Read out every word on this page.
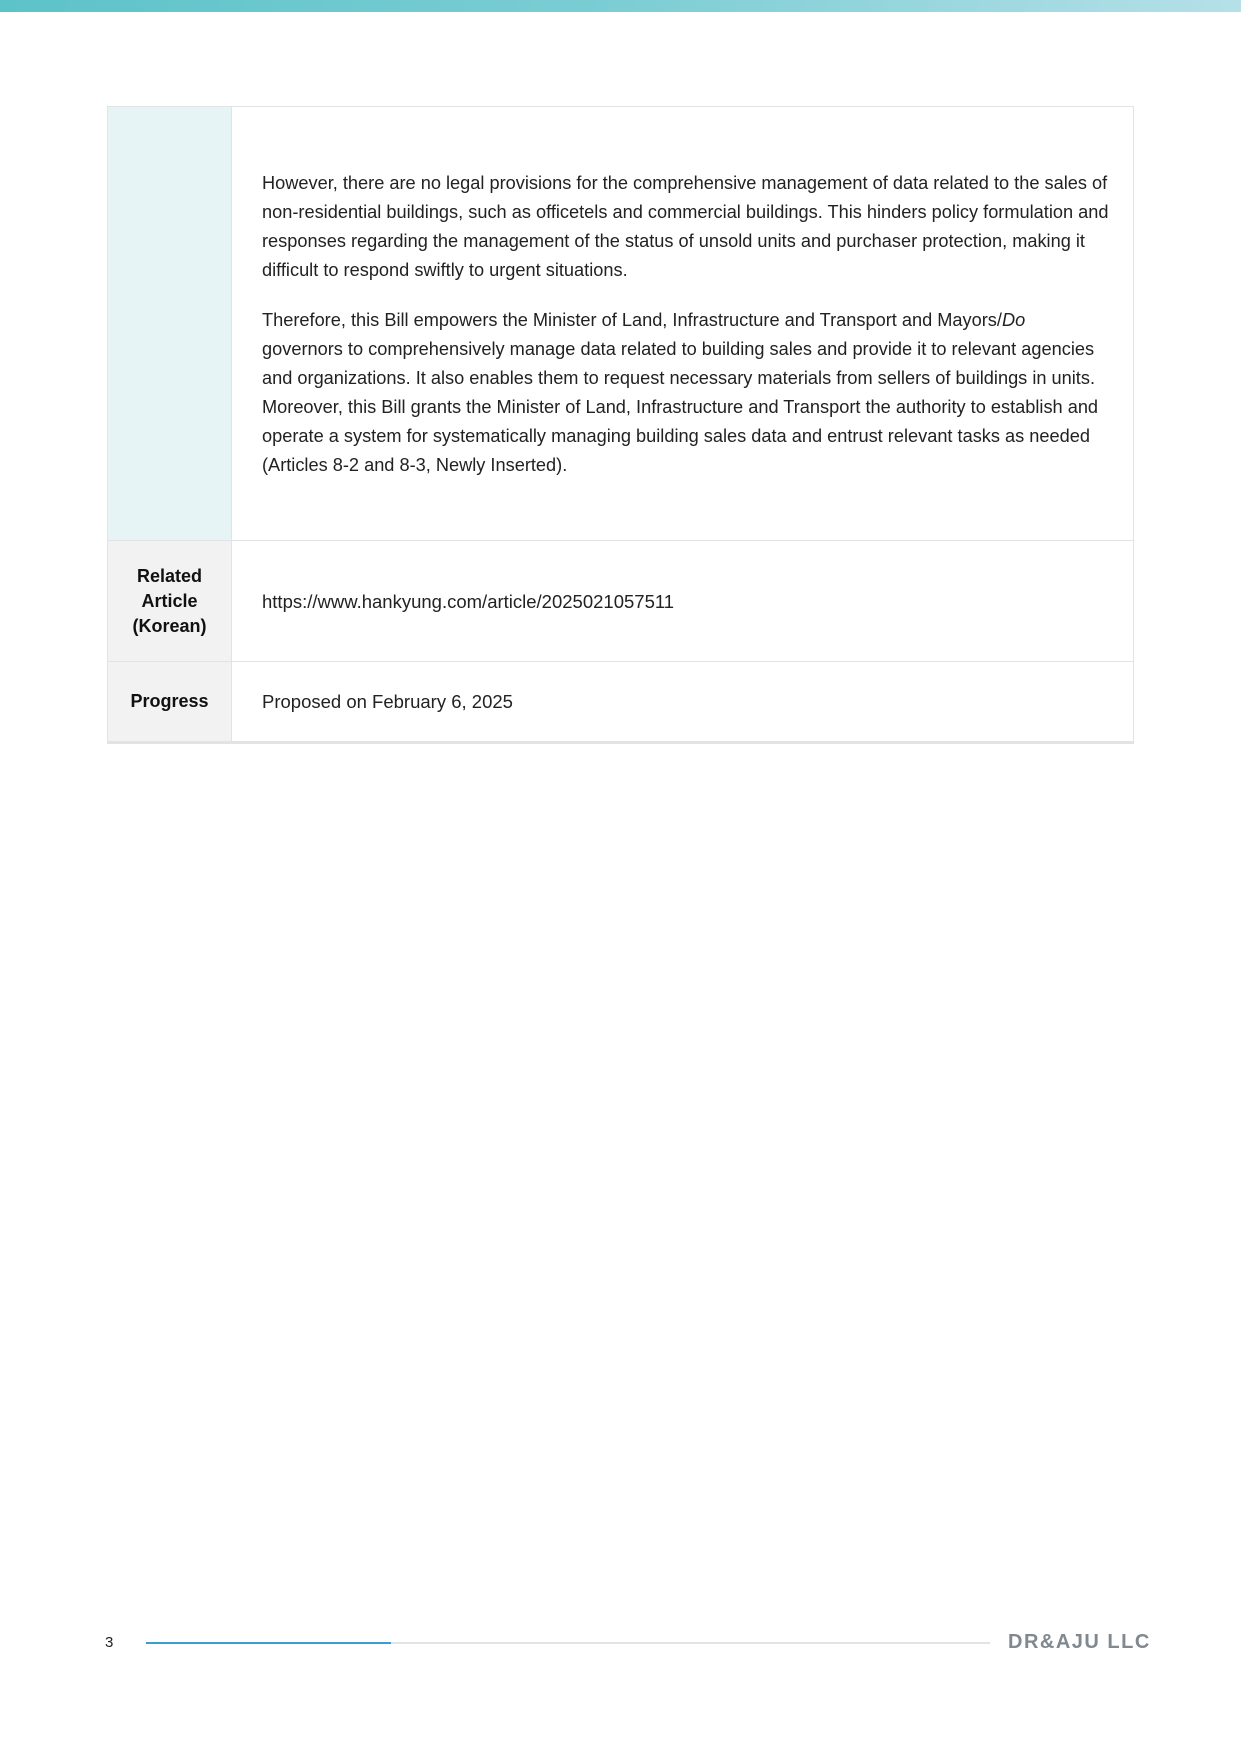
However, there are no legal provisions for the comprehensive management of data related to the sales of non-residential buildings, such as officetels and commercial buildings. This hinders policy formulation and responses regarding the management of the status of unsold units and purchaser protection, making it difficult to respond swiftly to urgent situations.

Therefore, this Bill empowers the Minister of Land, Infrastructure and Transport and Mayors/Do governors to comprehensively manage data related to building sales and provide it to relevant agencies and organizations. It also enables them to request necessary materials from sellers of buildings in units. Moreover, this Bill grants the Minister of Land, Infrastructure and Transport the authority to establish and operate a system for systematically managing building sales data and entrust relevant tasks as needed (Articles 8-2 and 8-3, Newly Inserted).

Related
Article
(Korean)
https://www.hankyung.com/article/2025021057511
Progress	Proposed on February 6, 2025
3	DR&AJU LLC
